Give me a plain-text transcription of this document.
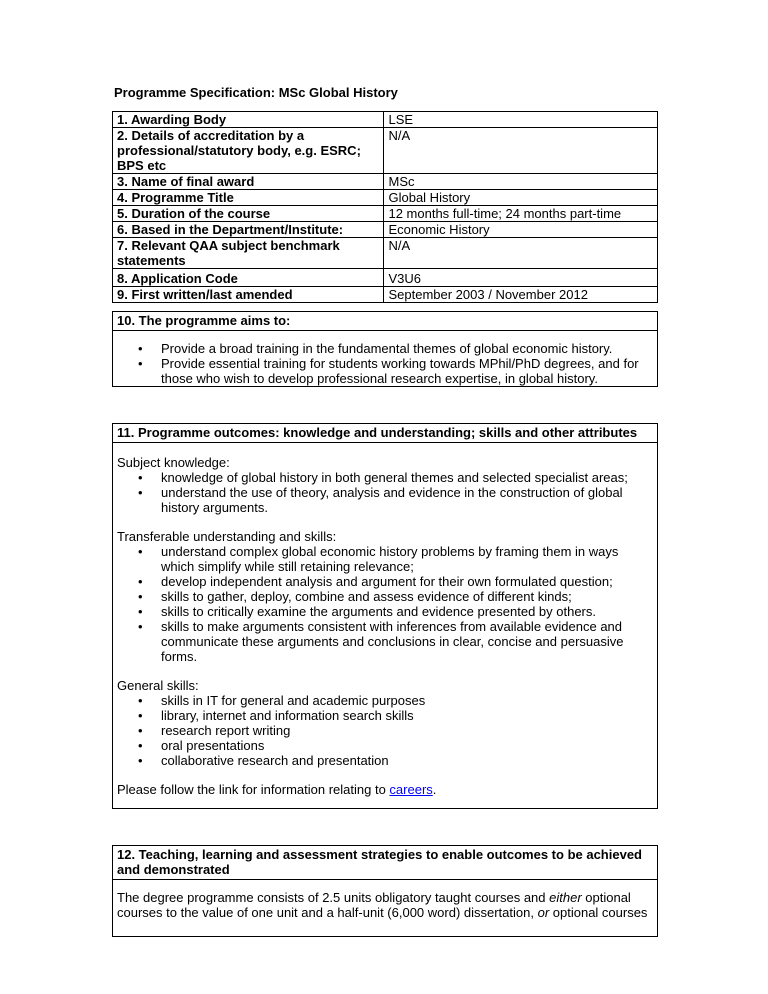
Programme Specification: MSc Global History
1. Awarding Body	LSE
2. Details of accreditation by a professional/statutory body, e.g. ESRC; BPS etc	N/A
3. Name of final award	MSc
4. Programme Title	Global History
5. Duration of the course	12 months full-time; 24 months part-time
6. Based in the Department/Institute:	Economic History
7. Relevant QAA subject benchmark statements	N/A
8. Application Code	V3U6
9. First written/last amended	September 2003 / November 2012
10. The programme aims to:
• Provide a broad training in the fundamental themes of global economic history.
• Provide essential training for students working towards MPhil/PhD degrees, and for those who wish to develop professional research expertise, in global history.
11. Programme outcomes: knowledge and understanding; skills and other attributes
Subject knowledge:
• knowledge of global history in both general themes and selected specialist areas;
• understand the use of theory, analysis and evidence in the construction of global history arguments.
Transferable understanding and skills:
• understand complex global economic history problems by framing them in ways which simplify while still retaining relevance;
• develop independent analysis and argument for their own formulated question;
• skills to gather, deploy, combine and assess evidence of different kinds;
• skills to critically examine the arguments and evidence presented by others.
• skills to make arguments consistent with inferences from available evidence and communicate these arguments and conclusions in clear, concise and persuasive forms.
General skills:
• skills in IT for general and academic purposes
• library, internet and information search skills
• research report writing
• oral presentations
• collaborative research and presentation
Please follow the link for information relating to careers.
12. Teaching, learning and assessment strategies to enable outcomes to be achieved and demonstrated
The degree programme consists of 2.5 units obligatory taught courses and either optional courses to the value of one unit and a half-unit (6,000 word) dissertation, or optional courses
